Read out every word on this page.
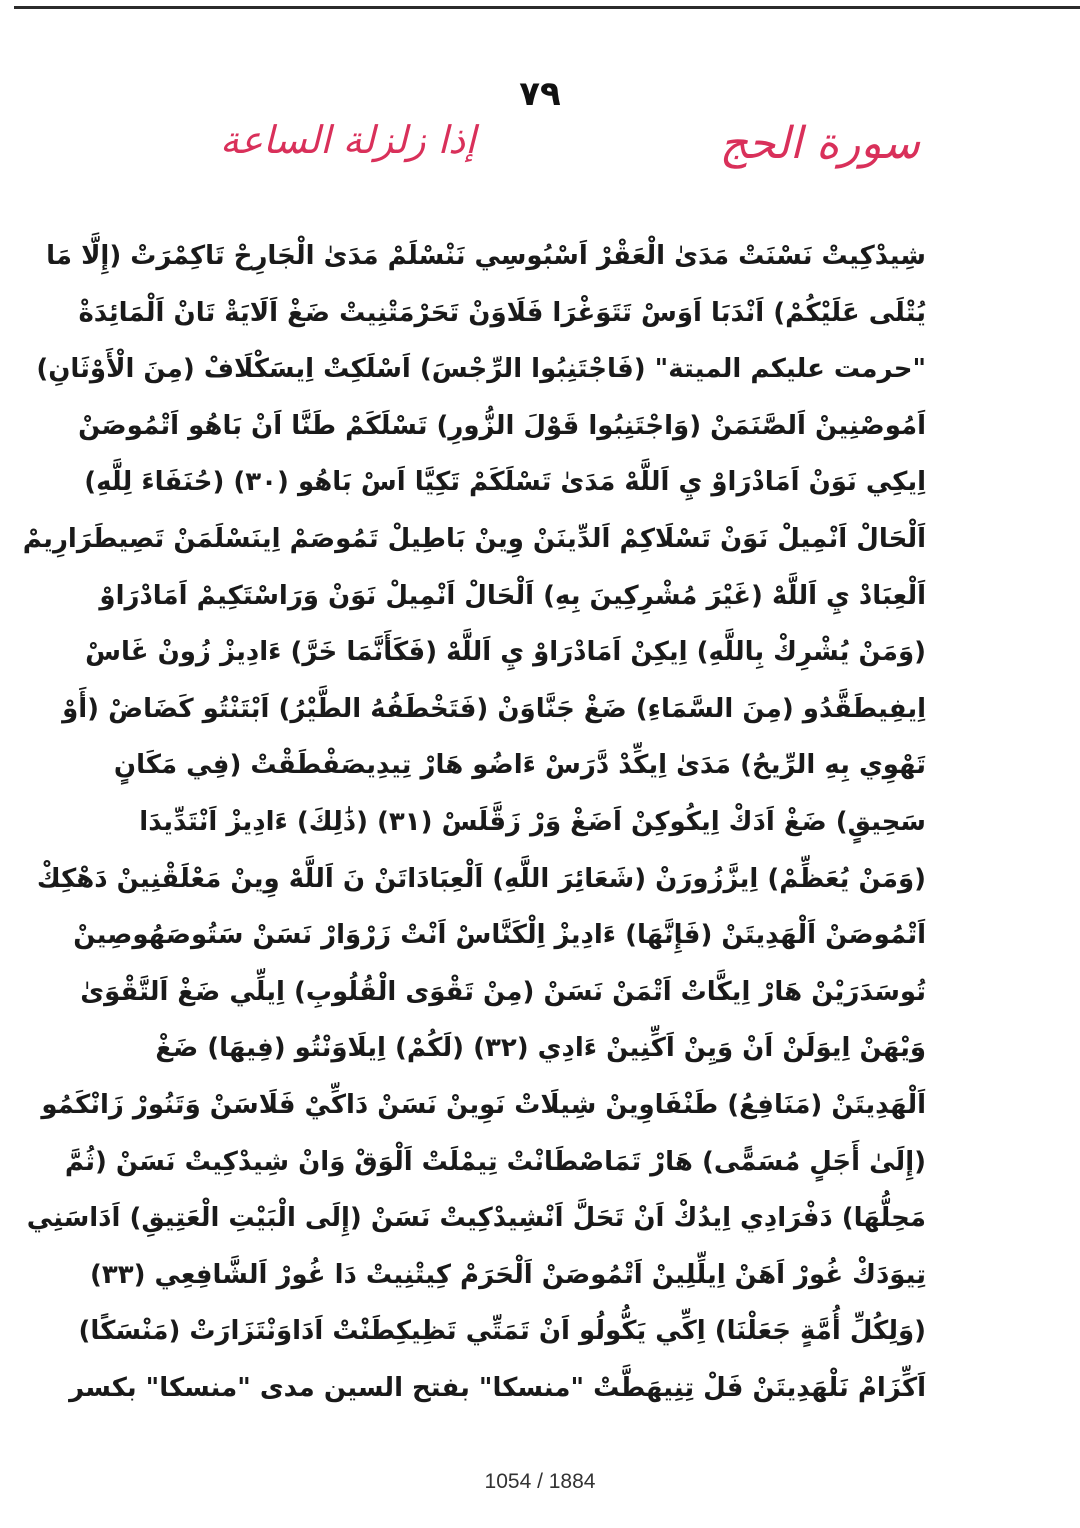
٧٩
إذا زلزلة الساعة	سورة الحج
شِيدْكِيتْ نَسْنَتْ مَدَىٰ الْعَقْرْ اَسْبُوسِي نَنْسْلَمْ مَدَىٰ الْجَارِحْ تَاكِمْرَتْ (إِلَّا مَا
يُتْلَى عَلَيْكُمْ) اَنْدَبَا اَوَسْ تَتَوَغْرَا فَلَاوَنْ تَحَرْمَتْنِيتْ ضَغْ اَلَايَةْ تَانْ اَلْمَائِدَةْ
"حرمت عليكم الميتة" (فَاجْتَنِبُوا الرِّجْسَ) اَسْلَكِتْ اِيسَكْلَافْ (مِنَ الْأَوْثَانِ)
اَمُوصْنِينْ اَلصَّنَمَنْ (وَاجْتَنِبُوا قَوْلَ الزُّورِ) تَسْلَكَمْ طَنَّا اَنْ بَاهُو اَتْمُوصَنْ
اِيكِي نَوَنْ اَمَادْرَاوْ يِ اَللَّهْ مَدَىٰ تَسْلَكَمْ تَكِيَّا اَسْ بَاهُو (٣٠) (حُنَفَاءَ لِلَّهِ)
اَلْحَالْ اَنْمِيلْ نَوَنْ تَسْلَاكِمْ اَلدِّينَنْ وِينْ بَاطِيلْ تَمُوصَمْ اِينَسْلَمَنْ تَصِيطَرَارِيمْ
اَلْعِبَادْ يِ اَللَّهْ (غَيْرَ مُشْرِكِينَ بِهِ) اَلْحَالْ اَنْمِيلْ نَوَنْ وَرَاسْتَكِيمْ اَمَادْرَاوْ
(وَمَنْ يُشْرِكْ بِاللَّهِ) اِيكِنْ اَمَادْرَاوْ يِ اَللَّهْ (فَكَأَنَّمَا خَرَّ) ءَادِيزْ زُونْ غَاسْ
اِيفِيطَقَّدُو (مِنَ السَّمَاءِ) ضَغْ جَنَّاوَنْ (فَتَخْطَفُهُ الطَّيْرُ) اَبْتَنْتُو كَضَاضْ (أَوْ
تَهْوِي بِهِ الرِّيحُ) مَدَىٰ اِيكِّدْ دَّرَسْ ءَاضُو هَارْ تِيدِيصَفْطَقْتْ (فِي مَكَانٍ
سَحِيقٍ) ضَغْ اَدَكْ اِيكُوكِنْ اَضَغْ وَرْ زَقَّلَسْ (٣١) (ذَٰلِكَ) ءَادِيزْ اَنْتَدِّيدَا
(وَمَنْ يُعَظِّمْ) اِيزَّزُورَنْ (شَعَائِرَ اللَّهِ) اَلْعِبَادَاتَنْ نَ اَللَّهْ وِينْ مَعْلَقْنِينْ دَهْكِكْ
اَتْمُوصَنْ اَلْهَدِيتَنْ (فَإِنَّهَا) ءَادِيزْ اِلْكَنَّاسْ اَنْتْ زَرْوَارْ نَسَنْ سَتُوصَهُوصِينْ
تُوسَدَرَيْنْ هَارْ اِيكَّاتْ اَتْمَنْ نَسَنْ (مِنْ تَقْوَى الْقُلُوبِ) اِيلِّي ضَغْ اَلتَّقْوَىٰ
وَيْهَنْ اِيوَلَنْ اَنْ وَيِنْ اَكِّنِينْ ءَادِي (٣٢) (لَكُمْ) اِيلَاوَنْتُو (فِيهَا) ضَغْ
اَلْهَدِيتَنْ (مَنَافِعُ) طَنْفَاوِينْ شِيلَاتْ نَوِينْ نَسَنْ دَاكِّيْ فَلَاسَنْ وَتَنُورْ زَانْكَمُو
(إِلَىٰ أَجَلٍ مُسَمًّى) هَارْ تَمَاصْطَانْتْ تِيمْلَتْ اَلْوَقْ وَانْ شِيدْكِيتْ نَسَنْ (ثُمَّ
مَحِلُّهَا) دَفْرَادِي اِيدُكْ اَنْ تَحَلَّ اَنْشِيدْكِيتْ نَسَنْ (إِلَى الْبَيْتِ الْعَتِيقِ) اَدَاسَنِي
تِيوَدَكْ غُورْ اَهَنْ اِيلِّلِينْ اَتْمُوصَنْ اَلْحَرَمْ كِيتْنِيتْ دَا غُورْ اَلشَّافِعِي (٣٣)
(وَلِكُلِّ أُمَّةٍ جَعَلْنَا) اِكِّي يَكُّولُو اَنْ تَمَتِّي تَظِيكِطَنْتْ اَدَاوَنْتَزَارَتْ (مَنْسَكًا)
اَكِّزَامْ نَلْهَدِيتَنْ فَلْ تِنِيهَطَّتْ "منسكا" بفتح السين مدى "منسكا" بكسر
1054 / 1884
